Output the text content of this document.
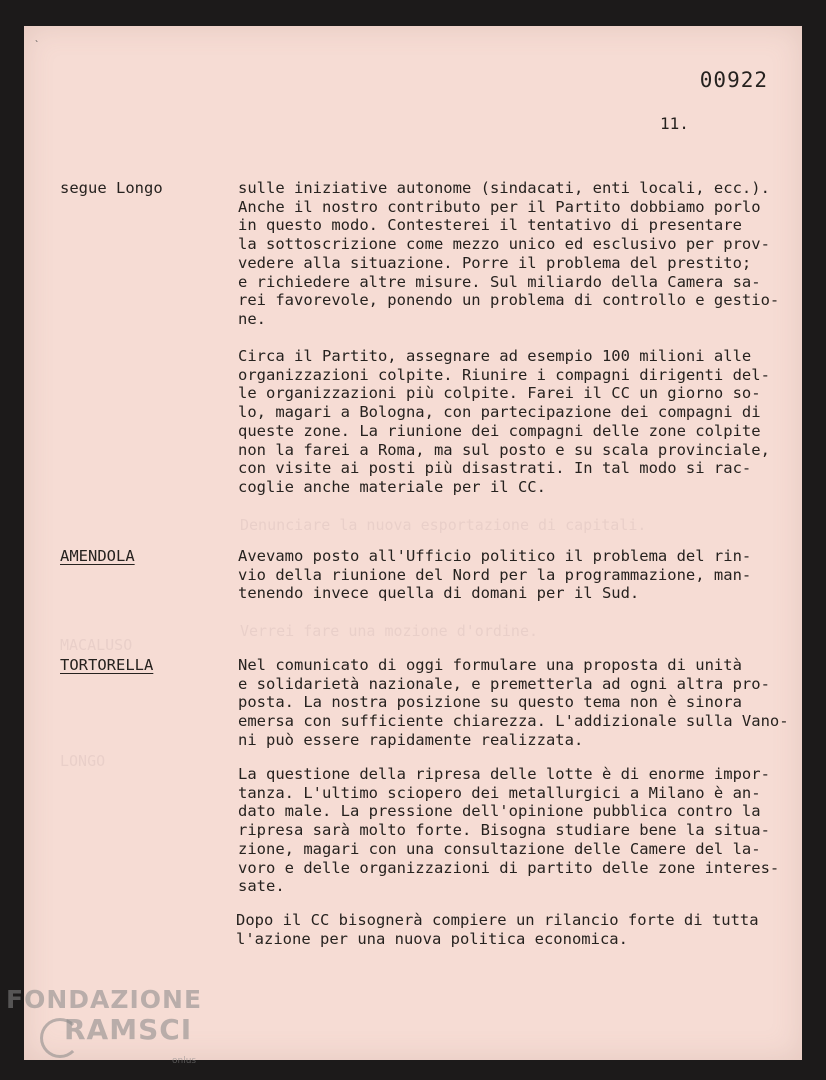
MACALUSO
LONGO
Denunciare la nuova esportazione di capitali.
Verrei fare una mozione d'ordine.
`
00922
11.
segue Longo	sulle iniziative autonome (sindacati, enti locali, ecc.).
Anche il nostro contributo per il Partito dobbiamo porlo
in questo modo. Contesterei il tentativo di presentare
la sottoscrizione come mezzo unico ed esclusivo per prov-
vedere alla situazione. Porre il problema del prestito;
e richiedere altre misure. Sul miliardo della Camera sa-
rei favorevole, ponendo un problema di controllo e gestio-
ne.
Circa il Partito, assegnare ad esempio 100 milioni alle
organizzazioni colpite. Riunire i compagni dirigenti del-
le organizzazioni più colpite. Farei il CC un giorno so-
lo, magari a Bologna, con partecipazione dei compagni di
queste zone. La riunione dei compagni delle zone colpite
non la farei a Roma, ma sul posto e su scala provinciale,
con visite ai posti più disastrati. In tal modo si rac-
coglie anche materiale per il CC.
AMENDOLA	Avevamo posto all'Ufficio politico il problema del rin-
vio della riunione del Nord per la programmazione, man-
tenendo invece quella di domani per il Sud.
TORTORELLA	Nel comunicato di oggi formulare una proposta di unità
e solidarietà nazionale, e premetterla ad ogni altra pro-
posta. La nostra posizione su questo tema non è sinora
emersa con sufficiente chiarezza. L'addizionale sulla Vano-
ni può essere rapidamente realizzata.
La questione della ripresa delle lotte è di enorme impor-
tanza. L'ultimo sciopero dei metallurgici a Milano è an-
dato male. La pressione dell'opinione pubblica contro la
ripresa sarà molto forte. Bisogna studiare bene la situa-
zione, magari con una consultazione delle Camere del la-
voro e delle organizzazioni di partito delle zone interes-
sate.
Dopo il CC bisognerà compiere un rilancio forte di tutta
l'azione per una nuova politica economica.
FONDAZIONE
RAMSCI
onlus
